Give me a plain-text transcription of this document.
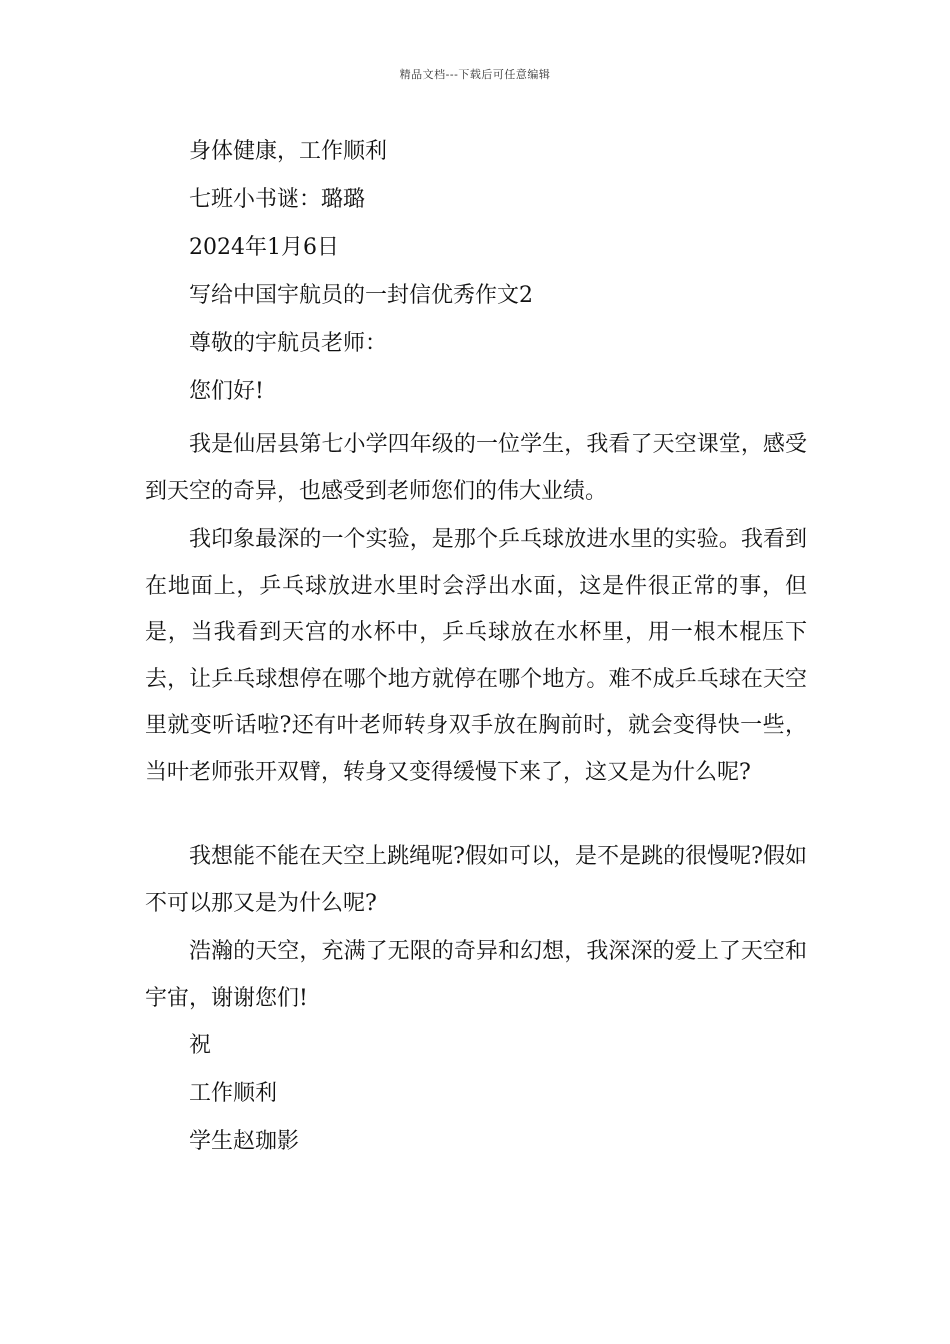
精品文档---下载后可任意编辑
身体健康，工作顺利
七班小书谜：璐璐
2024年1月6日
写给中国宇航员的一封信优秀作文2
尊敬的宇航员老师：
您们好!

我是仙居县第七小学四年级的一位学生，我看了天空课堂，感受到天空的奇异，也感受到老师您们的伟大业绩。

我印象最深的一个实验，是那个乒乓球放进水里的实验。我看到在地面上，乒乓球放进水里时会浮出水面，这是件很正常的事，但是，当我看到天宫的水杯中，乒乓球放在水杯里，用一根木棍压下去，让乒乓球想停在哪个地方就停在哪个地方。难不成乒乓球在天空里就变听话啦?还有叶老师转身双手放在胸前时，就会变得快一些，当叶老师张开双臂，转身又变得缓慢下来了，这又是为什么呢?

我想能不能在天空上跳绳呢?假如可以，是不是跳的很慢呢?假如不可以那又是为什么呢?

浩瀚的天空，充满了无限的奇异和幻想，我深深的爱上了天空和宇宙，谢谢您们!

祝
工作顺利
学生赵珈影
